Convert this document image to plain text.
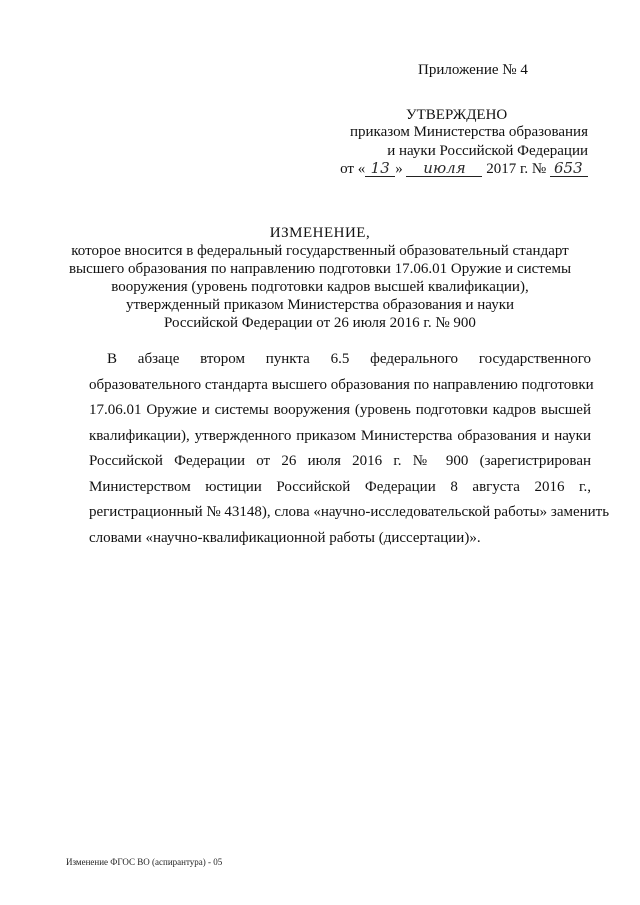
Приложение № 4
УТВЕРЖДЕНО
приказом Министерства образования
и науки Российской Федерации
от « 13 » июля 2017 г. № 653
ИЗМЕНЕНИЕ,
которое вносится в федеральный государственный образовательный стандарт
высшего образования по направлению подготовки 17.06.01 Оружие и системы
вооружения (уровень подготовки кадров высшей квалификации),
утвержденный приказом Министерства образования и науки
Российской Федерации от 26 июля 2016 г. № 900
В абзаце втором пункта 6.5 федерального государственного
образовательного стандарта высшего образования по направлению подготовки
17.06.01 Оружие и системы вооружения (уровень подготовки кадров высшей
квалификации), утвержденного приказом Министерства образования и науки
Российской Федерации от 26 июля 2016 г. № 900 (зарегистрирован
Министерством юстиции Российской Федерации 8 августа 2016 г.,
регистрационный № 43148), слова «научно-исследовательской работы» заменить
словами «научно-квалификационной работы (диссертации)».
Изменение ФГОС ВО (аспирантура) - 05
